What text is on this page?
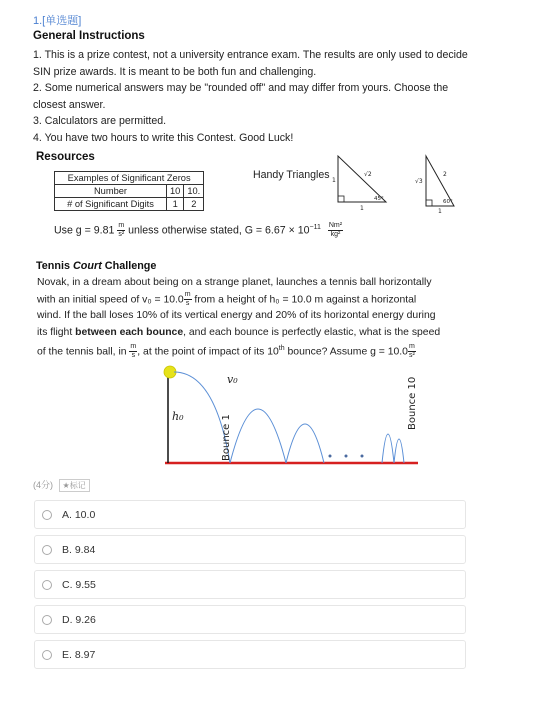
1.[单选题]
General Instructions

1. This is a prize contest, not a university entrance exam. The results are only used to decide SIN prize awards. It is meant to be both fun and challenging.

2. Some numerical answers may be "rounded off" and may differ from yours. Choose the closest answer.

3. Calculators are permitted.

4. You have two hours to write this Contest. Good Luck!

Resources
Examples of Significant Zeros		
Number	10	10.
# of Significant Digits	1	2
Handy Triangles 1
√2
45°
1
√3
2
60°
1
Use $g = 9.81 \frac{m}{\text{s²}}$ unless otherwise stated, $G = 6.67 \times 10^{-11} \frac{\text{Nm²}}{\text{kg²}}$
Tennis Court Challenge

Novak, in a dream about being on a strange planet, launches a tennis ball horizontally

with an initial speed of $v_0 = 10.0 \frac{m}{s}$ from a height of h₀ = 10.0 m against a horizontal

wind. If the ball loses 10% of its vertical energy and 20% of its horizontal energy during

its flight between each bounce, and each bounce is perfectly elastic, what is the speed

of the tennis ball, in $\frac{m}{s}$ , at the point of impact of its 10th bounce? Assume $g = 10.0 \frac{m}{\text{s²}}$

v₀
h₀	Bounce 1
Bounce 10
(4分) ★标记
A.
10.0
B.
9.84
C.
9.55
D.
9.26
E.
8.97
